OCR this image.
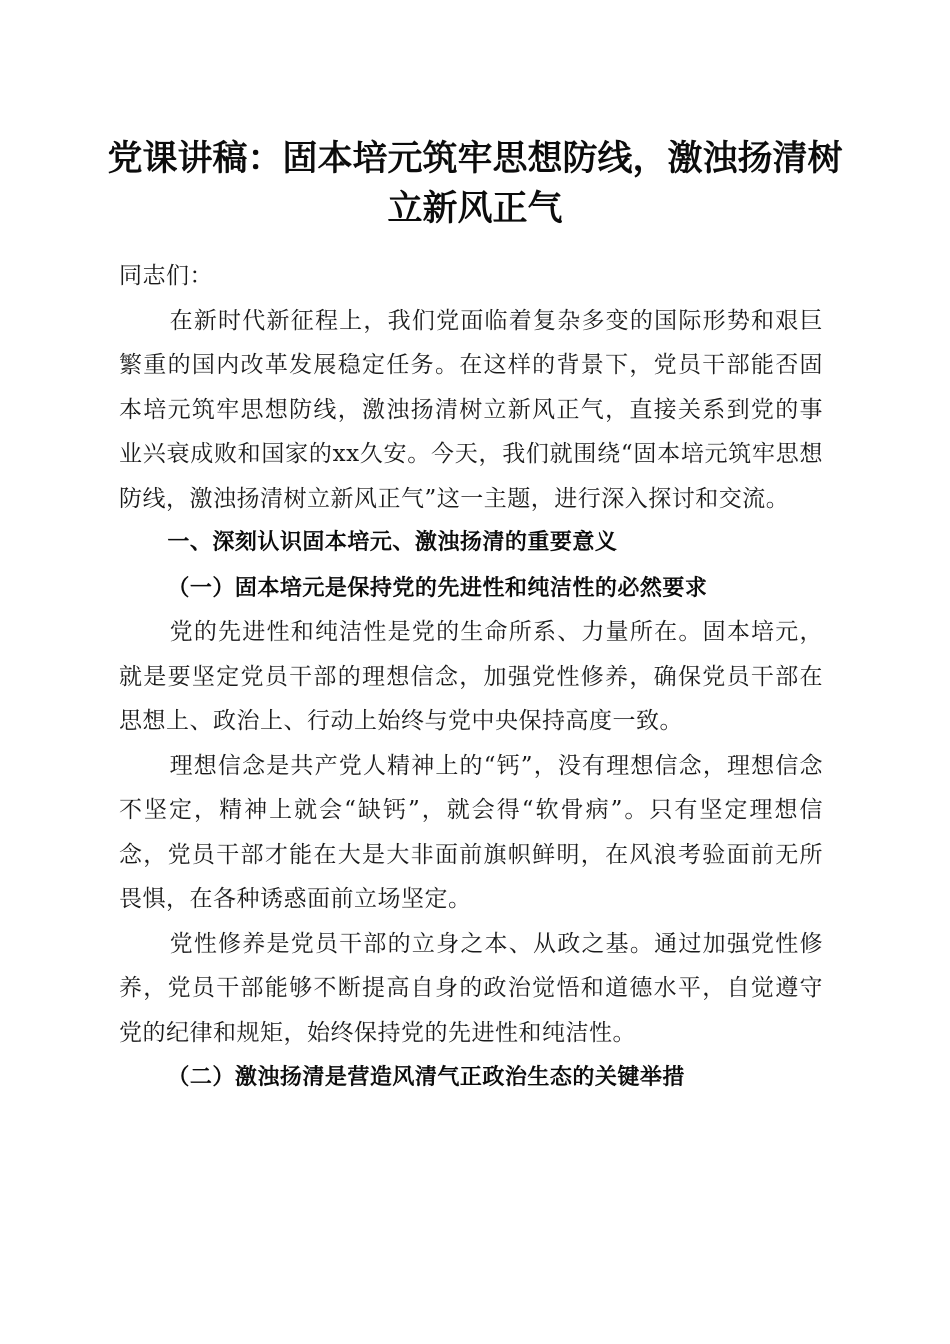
党课讲稿：固本培元筑牢思想防线，激浊扬清树立新风正气

同志们：

在新时代新征程上，我们党面临着复杂多变的国际形势和艰巨繁重的国内改革发展稳定任务。在这样的背景下，党员干部能否固本培元筑牢思想防线，激浊扬清树立新风正气，直接关系到党的事业兴衰成败和国家的xx久安。今天，我们就围绕“固本培元筑牢思想防线，激浊扬清树立新风正气”这一主题，进行深入探讨和交流。

一、深刻认识固本培元、激浊扬清的重要意义

（一）固本培元是保持党的先进性和纯洁性的必然要求

党的先进性和纯洁性是党的生命所系、力量所在。固本培元，就是要坚定党员干部的理想信念，加强党性修养，确保党员干部在思想上、政治上、行动上始终与党中央保持高度一致。

理想信念是共产党人精神上的“钙”，没有理想信念，理想信念不坚定，精神上就会“缺钙”，就会得“软骨病”。只有坚定理想信念，党员干部才能在大是大非面前旗帜鲜明，在风浪考验面前无所畏惧，在各种诱惑面前立场坚定。

党性修养是党员干部的立身之本、从政之基。通过加强党性修养，党员干部能够不断提高自身的政治觉悟和道德水平，自觉遵守党的纪律和规矩，始终保持党的先进性和纯洁性。

（二）激浊扬清是营造风清气正政治生态的关键举措
